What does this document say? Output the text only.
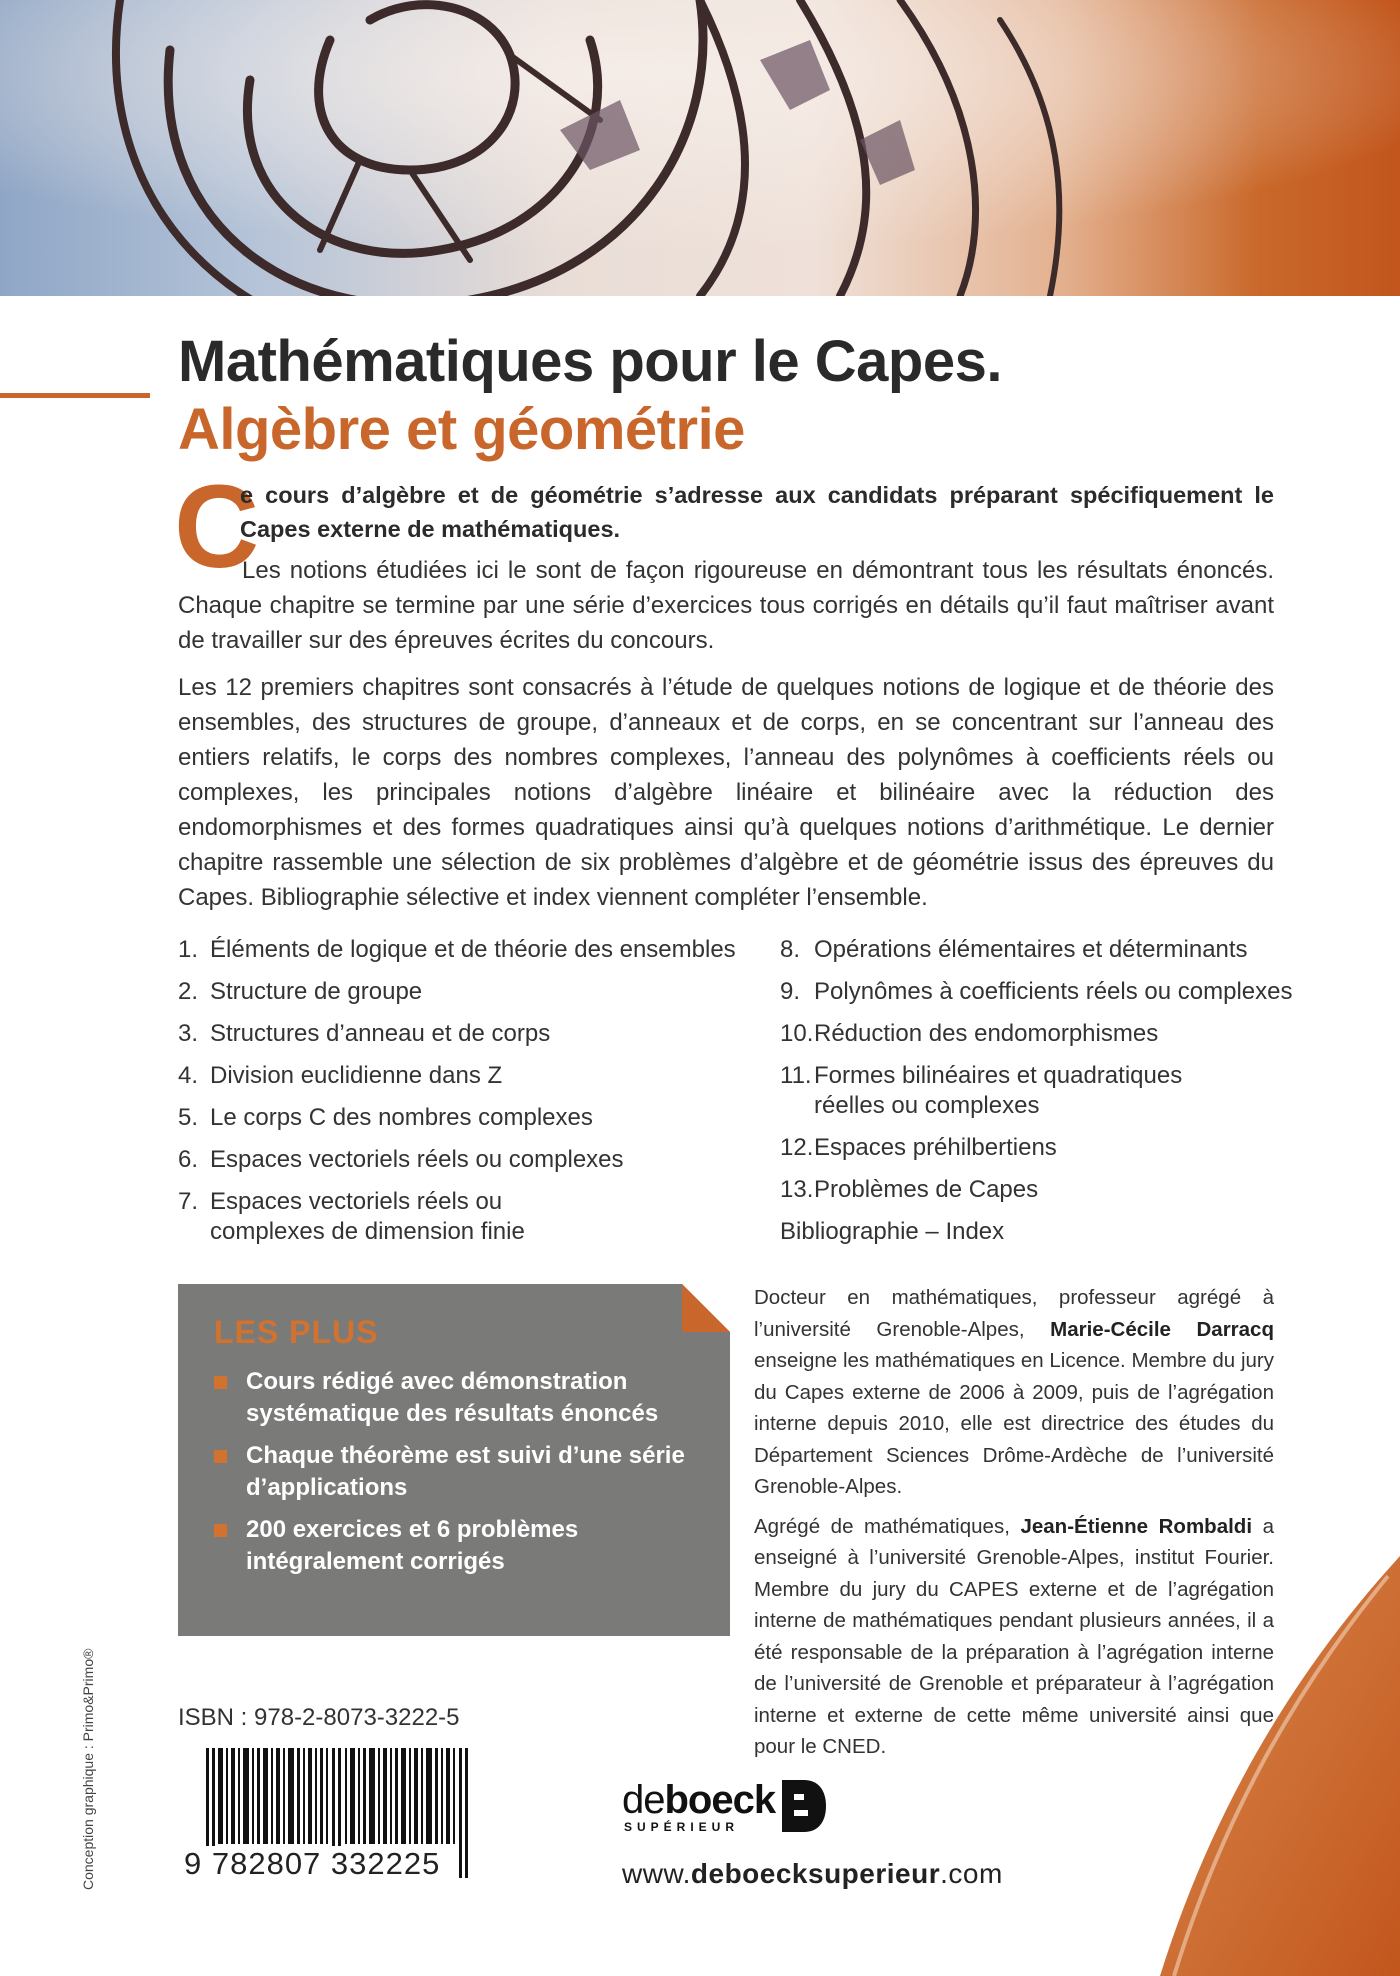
Mathématiques pour le Capes.
Algèbre et géométrie
C
e cours d’algèbre et de géométrie s’adresse aux candidats préparant spécifiquement le Capes externe de mathématiques.
Les notions étudiées ici le sont de façon rigoureuse en démontrant tous les résultats énoncés. Chaque chapitre se termine par une série d’exercices tous corrigés en détails qu’il faut maîtriser avant de travailler sur des épreuves écrites du concours.
Les 12 premiers chapitres sont consacrés à l’étude de quelques notions de logique et de théorie des ensembles, des structures de groupe, d’anneaux et de corps, en se concentrant sur l’anneau des entiers relatifs, le corps des nombres complexes, l’anneau des polynômes à coefficients réels ou complexes, les principales notions d’algèbre linéaire et bilinéaire avec la réduction des endomorphismes et des formes quadratiques ainsi qu’à quelques notions d’arithmétique. Le dernier chapitre rassemble une sélection de six problèmes d’algèbre et de géométrie issus des épreuves du Capes. Bibliographie sélective et index viennent compléter l’ensemble.
1. Éléments de logique et de théorie des ensembles
2. Structure de groupe
3. Structures d’anneau et de corps
4. Division euclidienne dans Z
5. Le corps C des nombres complexes
6. Espaces vectoriels réels ou complexes
7. Espaces vectoriels réels ou complexes de dimension finie
8. Opérations élémentaires et déterminants
9. Polynômes à coefficients réels ou complexes
10. Réduction des endomorphismes
11. Formes bilinéaires et quadratiques réelles ou complexes
12. Espaces préhilbertiens
13. Problèmes de Capes
Bibliographie – Index
LES PLUS
Cours rédigé avec démonstration systématique des résultats énoncés
Chaque théorème est suivi d’une série d’applications
200 exercices et 6 problèmes intégralement corrigés

Docteur en mathématiques, professeur agrégé à l’université Grenoble-Alpes, Marie-Cécile Darracq enseigne les mathématiques en Licence. Membre du jury du Capes externe de 2006 à 2009, puis de l’agrégation interne depuis 2010, elle est directrice des études du Département Sciences Drôme-Ardèche de l’université Grenoble-Alpes.

Agrégé de mathématiques, Jean-Étienne Rombaldi a enseigné à l’université Grenoble-Alpes, institut Fourier. Membre du jury du CAPES externe et de l’agrégation interne de mathématiques pendant plusieurs années, il a été responsable de la préparation à l’agrégation interne de l’université de Grenoble et préparateur à l’agrégation interne et externe de cette même université ainsi que pour le CNED.

ISBN : 978-2-8073-3222-5
9 782807 332225
deboeck
SUPÉRIEUR
www.deboecksuperieur.com
Conception graphique : Primo&Primo®
